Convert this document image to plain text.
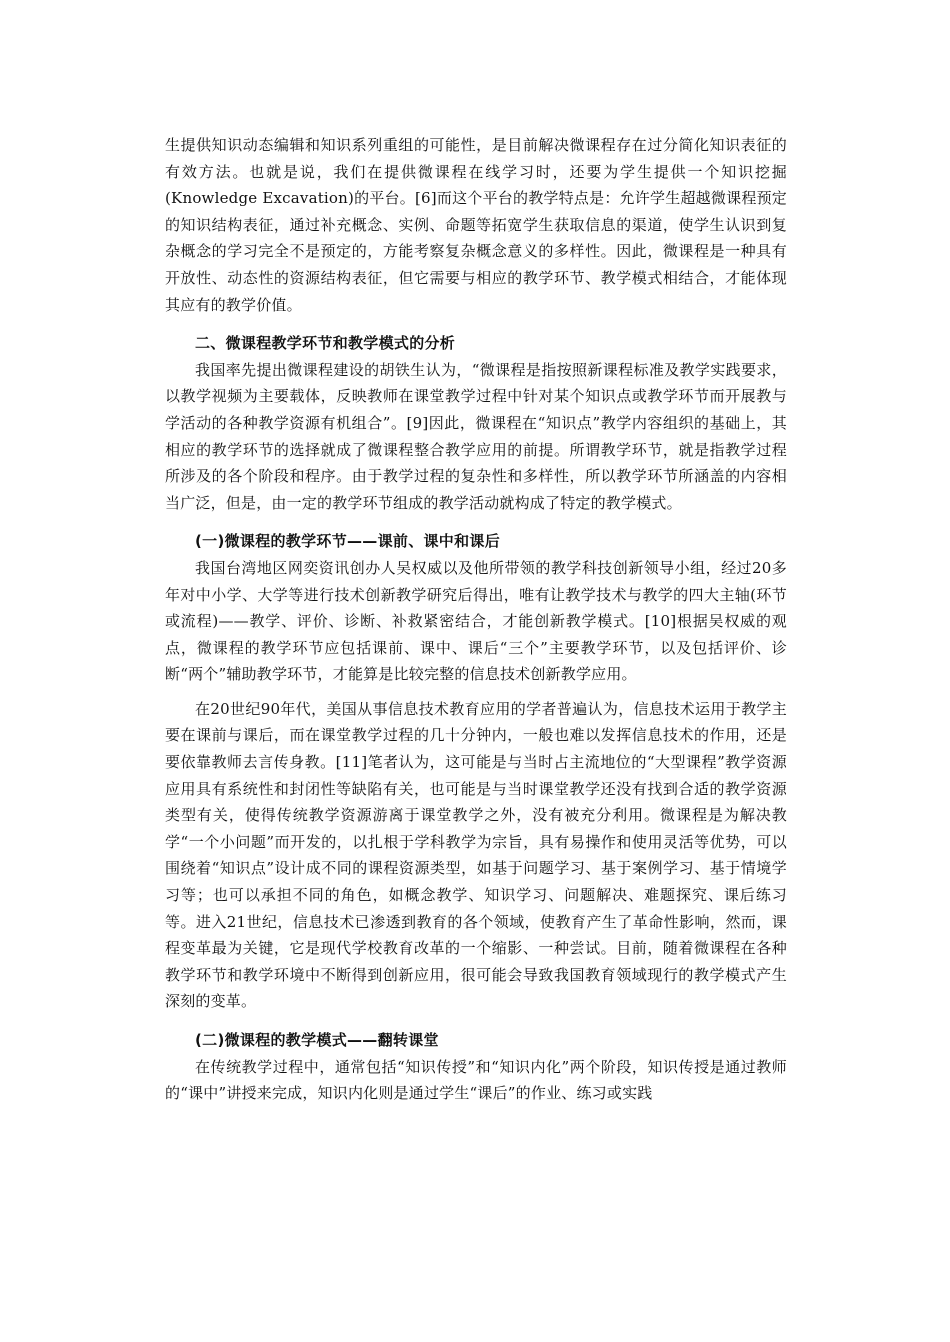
生提供知识动态编辑和知识系列重组的可能性，是目前解决微课程存在过分简化知识表征的有效方法。也就是说，我们在提供微课程在线学习时，还要为学生提供一个知识挖掘(Knowledge Excavation)的平台。[6]而这个平台的教学特点是：允许学生超越微课程预定的知识结构表征，通过补充概念、实例、命题等拓宽学生获取信息的渠道，使学生认识到复杂概念的学习完全不是预定的，方能考察复杂概念意义的多样性。因此，微课程是一种具有开放性、动态性的资源结构表征，但它需要与相应的教学环节、教学模式相结合，才能体现其应有的教学价值。

二、微课程教学环节和教学模式的分析

我国率先提出微课程建设的胡铁生认为，“微课程是指按照新课程标准及教学实践要求，以教学视频为主要载体，反映教师在课堂教学过程中针对某个知识点或教学环节而开展教与学活动的各种教学资源有机组合”。[9]因此，微课程在“知识点”教学内容组织的基础上，其相应的教学环节的选择就成了微课程整合教学应用的前提。所谓教学环节，就是指教学过程所涉及的各个阶段和程序。由于教学过程的复杂性和多样性，所以教学环节所涵盖的内容相当广泛，但是，由一定的教学环节组成的教学活动就构成了特定的教学模式。

(一)微课程的教学环节——课前、课中和课后

我国台湾地区网奕资讯创办人吴权威以及他所带领的教学科技创新领导小组，经过20多年对中小学、大学等进行技术创新教学研究后得出，唯有让教学技术与教学的四大主轴(环节或流程)——教学、评价、诊断、补救紧密结合，才能创新教学模式。[10]根据吴权威的观点，微课程的教学环节应包括课前、课中、课后“三个”主要教学环节，以及包括评价、诊断“两个”辅助教学环节，才能算是比较完整的信息技术创新教学应用。

在20世纪90年代，美国从事信息技术教育应用的学者普遍认为，信息技术运用于教学主要在课前与课后，而在课堂教学过程的几十分钟内，一般也难以发挥信息技术的作用，还是要依靠教师去言传身教。[11]笔者认为，这可能是与当时占主流地位的“大型课程”教学资源应用具有系统性和封闭性等缺陷有关，也可能是与当时课堂教学还没有找到合适的教学资源类型有关，使得传统教学资源游离于课堂教学之外，没有被充分利用。微课程是为解决教学“一个小问题”而开发的，以扎根于学科教学为宗旨，具有易操作和使用灵活等优势，可以围绕着“知识点”设计成不同的课程资源类型，如基于问题学习、基于案例学习、基于情境学习等；也可以承担不同的角色，如概念教学、知识学习、问题解决、难题探究、课后练习等。进入21世纪，信息技术已渗透到教育的各个领域，使教育产生了革命性影响，然而，课程变革最为关键，它是现代学校教育改革的一个缩影、一种尝试。目前，随着微课程在各种教学环节和教学环境中不断得到创新应用，很可能会导致我国教育领域现行的教学模式产生深刻的变革。

(二)微课程的教学模式——翻转课堂

在传统教学过程中，通常包括“知识传授”和“知识内化”两个阶段，知识传授是通过教师的“课中”讲授来完成，知识内化则是通过学生“课后”的作业、练习或实践
